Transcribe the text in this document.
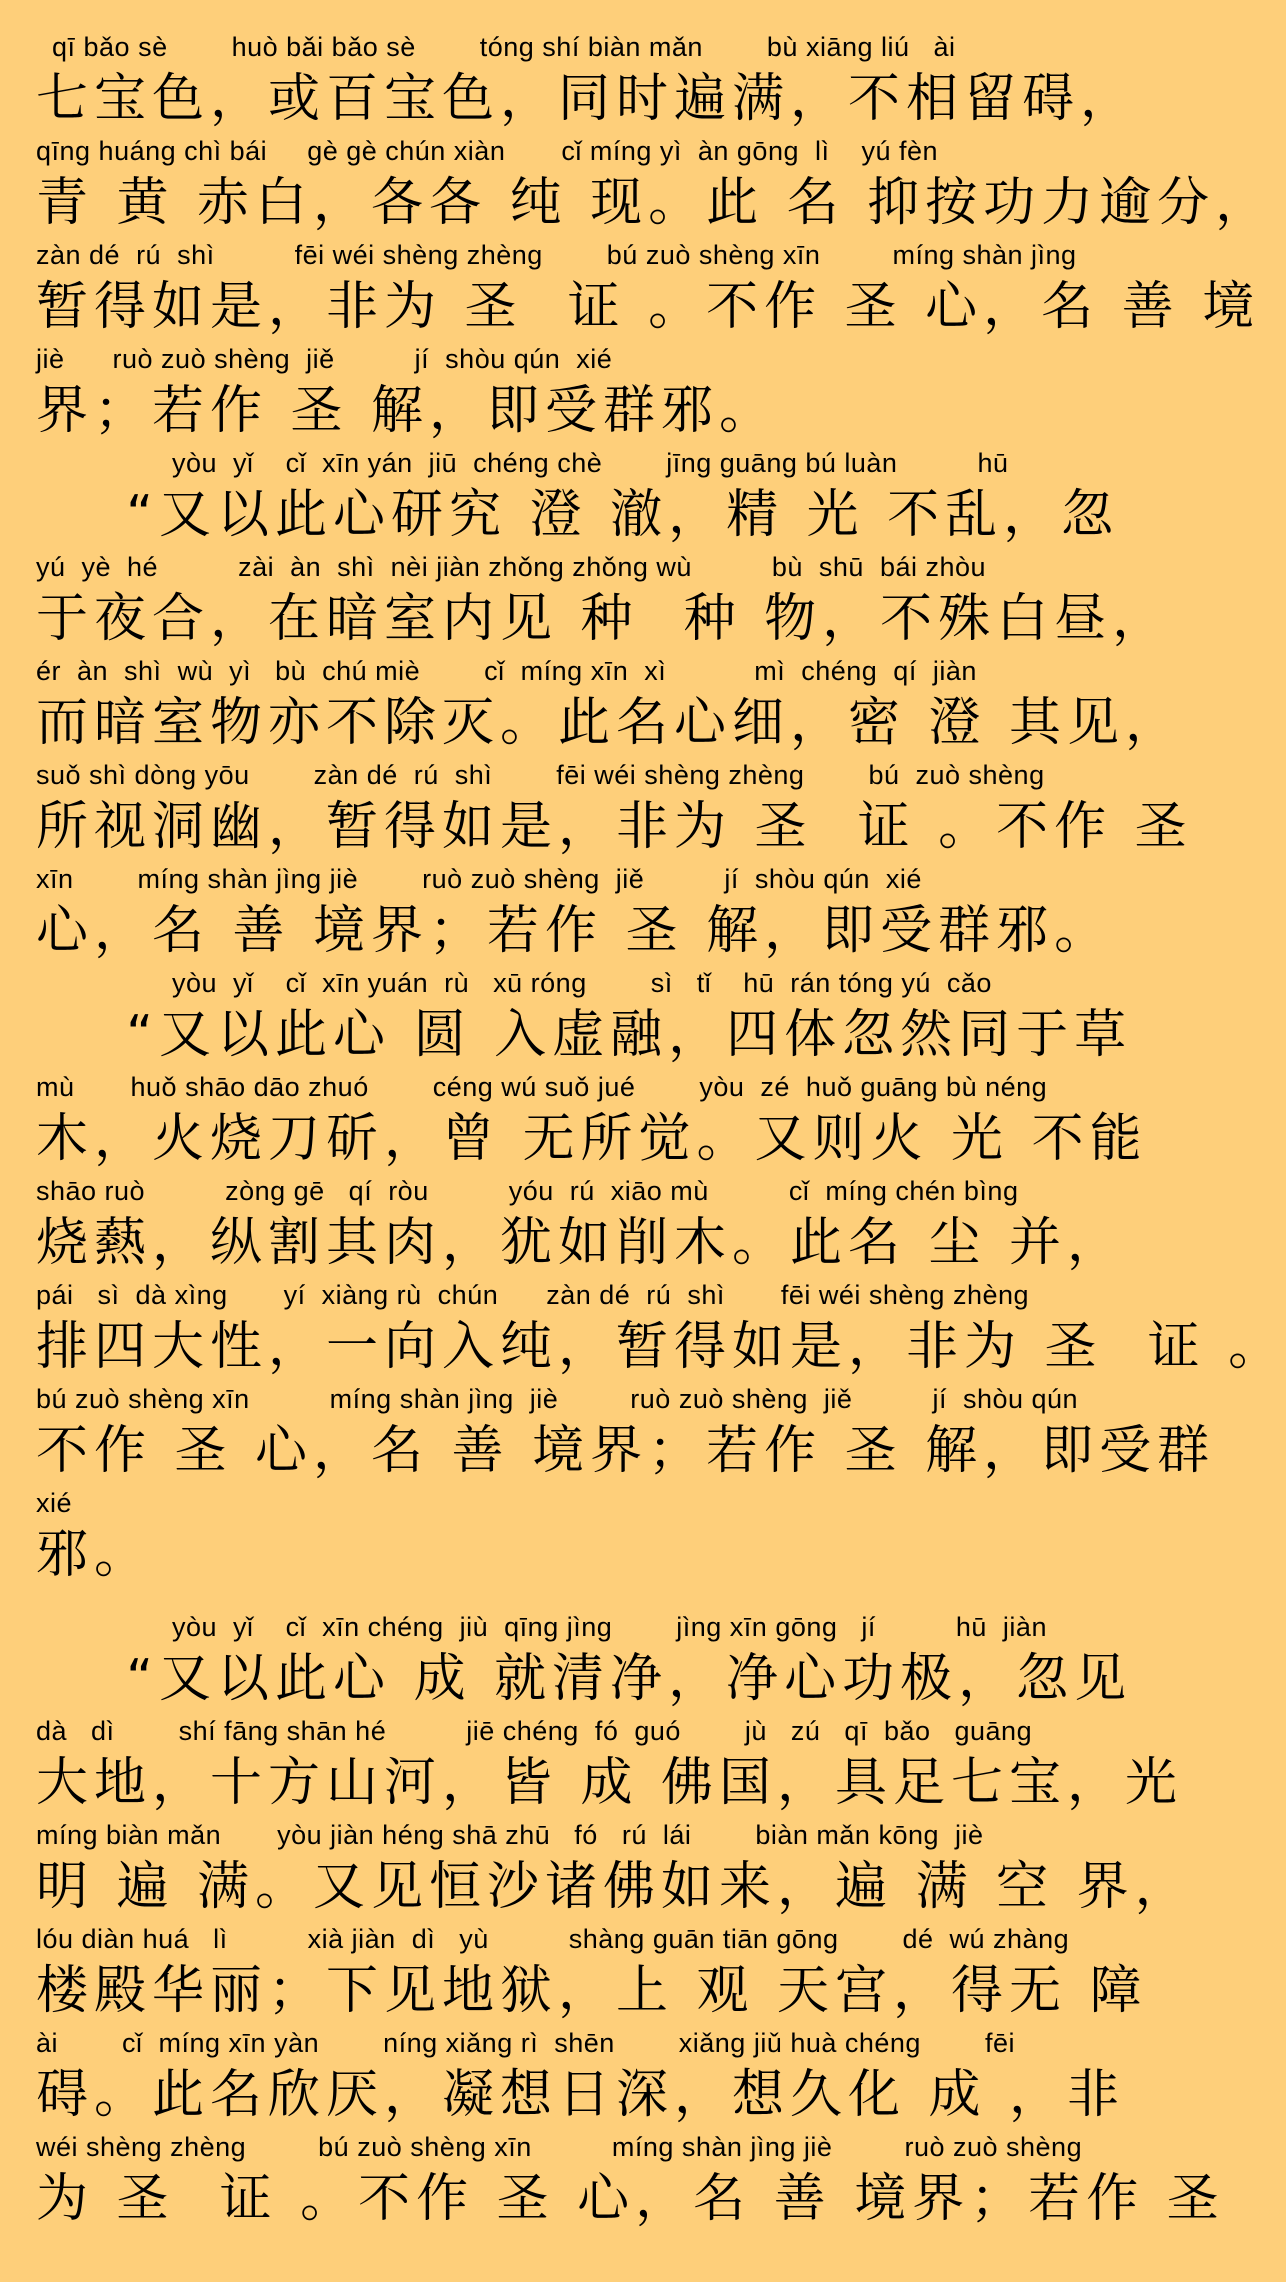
qī bǎo sè        huò bǎi bǎo sè        tóng shí biàn mǎn        bù xiāng liú   ài
七宝色，或百宝色，同时遍满，不相留碍，
qīng huáng chì bái     gè gè chún xiàn       cǐ míng yì  àn gōng  lì    yú fèn
青 黄 赤白，各各 纯 现。此 名 抑按功力逾分，
zàn dé  rú  shì          fēi wéi shèng zhèng        bú zuò shèng xīn         míng shàn jìng
暂得如是，非为 圣  证 。不作 圣 心，名 善 境
jiè      ruò zuò shèng  jiě          jí  shòu qún  xié
界；若作 圣 解，即受群邪。
yòu  yǐ    cǐ  xīn yán  jiū  chéng chè        jīng guāng bú luàn          hū
“又以此心研究 澄 澈，精 光 不乱，忽
yú  yè  hé          zài  àn  shì  nèi jiàn zhǒng zhǒng wù          bù  shū  bái zhòu
于夜合，在暗室内见 种  种 物，不殊白昼，
ér  àn  shì  wù  yì   bù  chú miè        cǐ  míng xīn  xì           mì  chéng  qí  jiàn
而暗室物亦不除灭。此名心细，密 澄 其见，
suǒ shì dòng yōu        zàn dé  rú  shì        fēi wéi shèng zhèng        bú  zuò shèng
所视洞幽，暂得如是，非为 圣  证 。不作 圣
xīn        míng shàn jìng jiè        ruò zuò shèng  jiě          jí  shòu qún  xié
心，名 善 境界；若作 圣 解，即受群邪。
yòu  yǐ    cǐ  xīn yuán  rù   xū róng        sì   tǐ    hū  rán tóng yú  cǎo
“又以此心 圆 入虚融，四体忽然同于草
mù       huǒ shāo dāo zhuó        céng wú suǒ jué        yòu  zé  huǒ guāng bù néng
木，火烧刀斫，曾 无所觉。又则火 光 不能
shāo ruò          zòng gē   qí  ròu          yóu  rú  xiāo mù          cǐ  míng chén bìng
烧爇，纵割其肉，犹如削木。此名 尘 并，
pái   sì  dà xìng       yí  xiàng rù  chún      zàn dé  rú  shì       fēi wéi shèng zhèng
排四大性，一向入纯，暂得如是，非为 圣  证 。
bú zuò shèng xīn          míng shàn jìng  jiè         ruò zuò shèng  jiě          jí  shòu qún
不作 圣 心，名 善 境界；若作 圣 解，即受群
xié
邪。
yòu  yǐ    cǐ  xīn chéng  jiù  qīng jìng        jìng xīn gōng   jí          hū  jiàn
“又以此心 成 就清净，净心功极，忽见
dà   dì        shí fāng shān hé          jiē chéng  fó  guó        jù   zú   qī  bǎo   guāng
大地，十方山河，皆 成 佛国，具足七宝，光
míng biàn mǎn       yòu jiàn héng shā zhū   fó   rú  lái        biàn mǎn kōng  jiè
明 遍 满。又见恒沙诸佛如来，遍 满 空 界，
lóu diàn huá   lì          xià jiàn  dì   yù          shàng guān tiān gōng        dé  wú zhàng
楼殿华丽；下见地狱，上 观 天宫，得无 障
ài        cǐ  míng xīn yàn        níng xiǎng rì  shēn        xiǎng jiǔ huà chéng        fēi
碍。此名欣厌，凝想日深，想久化 成 ，非
wéi shèng zhèng         bú zuò shèng xīn          míng shàn jìng jiè         ruò zuò shèng
为 圣  证 。不作 圣 心，名 善 境界；若作 圣
